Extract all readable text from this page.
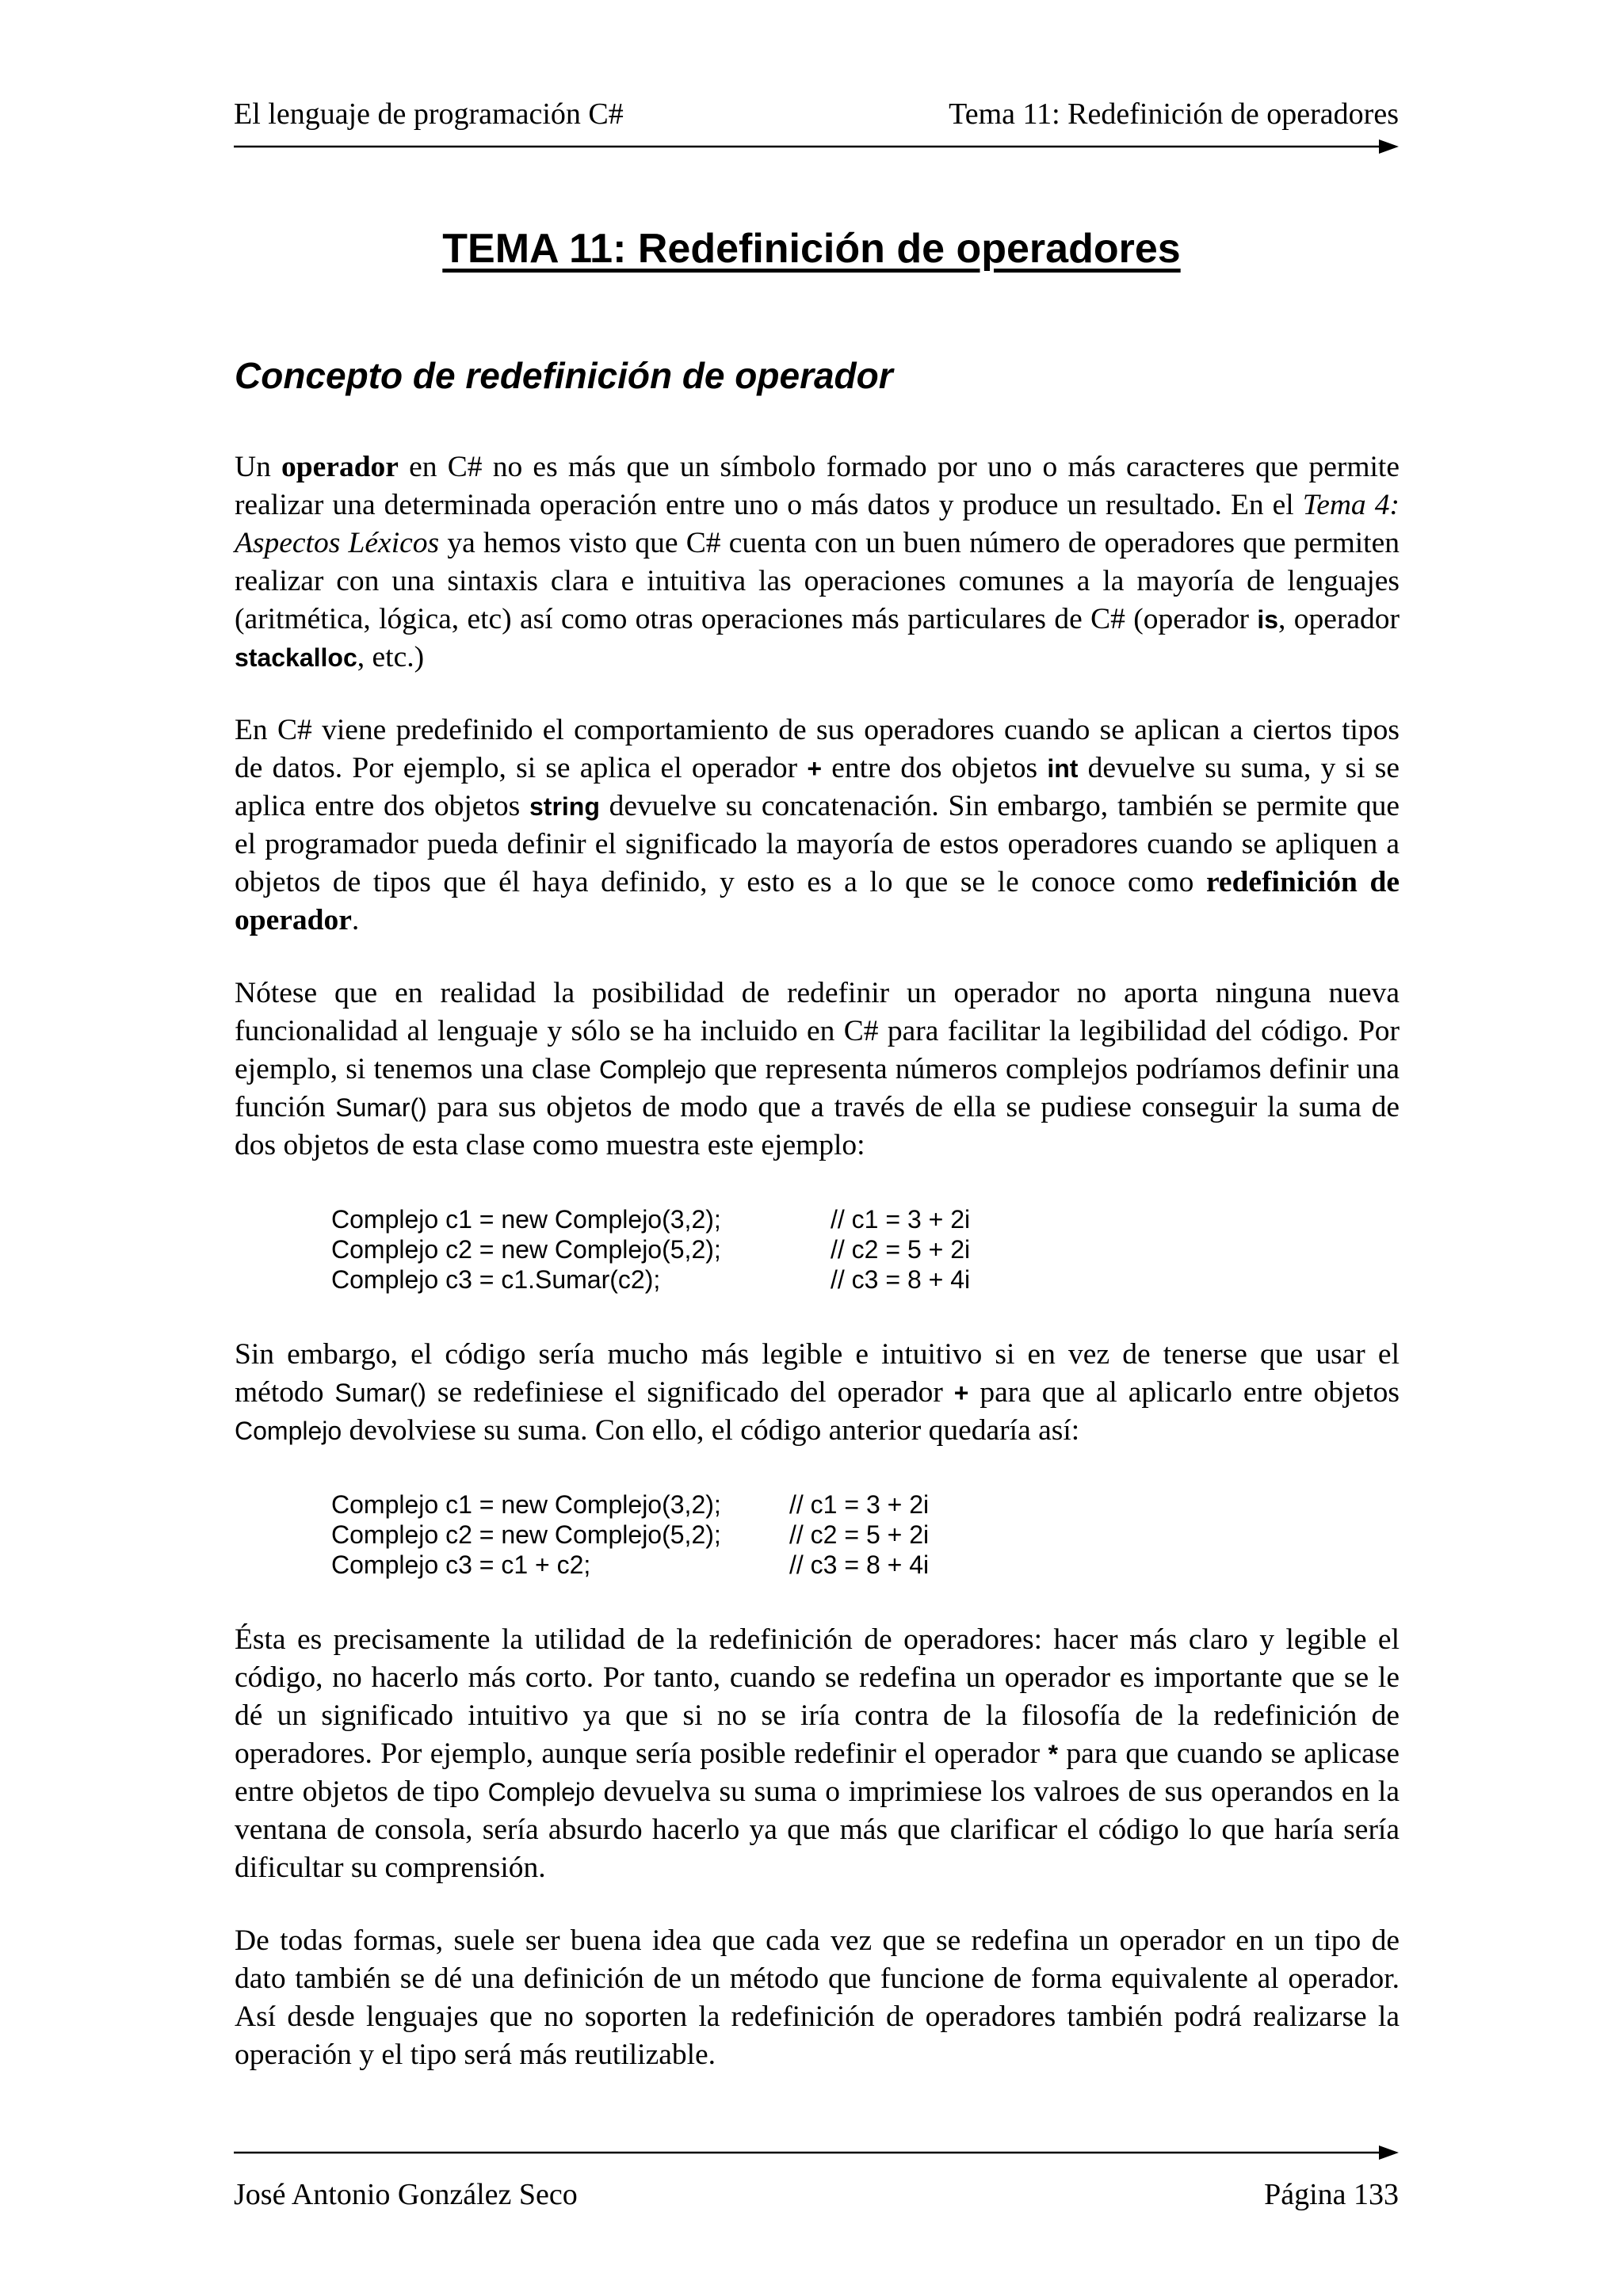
El lenguaje de programación C#	Tema 11: Redefinición de operadores
TEMA 11: Redefinición de operadores
Concepto de redefinición de operador

Un operador en C# no es más que un símbolo formado por uno o más caracteres que permite realizar una determinada operación entre uno o más datos y produce un resultado. En el Tema 4: Aspectos Léxicos ya hemos visto que C# cuenta con un buen número de operadores que permiten realizar con una sintaxis clara e intuitiva las operaciones comunes a la mayoría de lenguajes (aritmética, lógica, etc) así como otras operaciones más particulares de C# (operador is, operador stackalloc, etc.)

En C# viene predefinido el comportamiento de sus operadores cuando se aplican a ciertos tipos de datos. Por ejemplo, si se aplica el operador + entre dos objetos int devuelve su suma, y si se aplica entre dos objetos string devuelve su concatenación. Sin embargo, también se permite que el programador pueda definir el significado la mayoría de estos operadores cuando se apliquen a objetos de tipos que él haya definido, y esto es a lo que se le conoce como redefinición de operador.

Nótese que en realidad la posibilidad de redefinir un operador no aporta ninguna nueva funcionalidad al lenguaje y sólo se ha incluido en C# para facilitar la legibilidad del código. Por ejemplo, si tenemos una clase Complejo que representa números complejos podríamos definir una función Sumar() para sus objetos de modo que a través de ella se pudiese conseguir la suma de dos objetos de esta clase como muestra este ejemplo:

Complejo c1 = new Complejo(3,2);	// c1 = 3 + 2i
Complejo c2 = new Complejo(5,2);	// c2 = 5 + 2i
Complejo c3 = c1.Sumar(c2);	// c3 = 8 + 4i

Sin embargo, el código sería mucho más legible e intuitivo si en vez de tenerse que usar el método Sumar() se redefiniese el significado del operador + para que al aplicarlo entre objetos Complejo devolviese su suma. Con ello, el código anterior quedaría así:

Complejo c1 = new Complejo(3,2);	// c1 = 3 + 2i
Complejo c2 = new Complejo(5,2);	// c2 = 5 + 2i
Complejo c3 = c1 + c2;	// c3 = 8 + 4i

Ésta es precisamente la utilidad de la redefinición de operadores: hacer más claro y legible el código, no hacerlo más corto. Por tanto, cuando se redefina un operador es importante que se le dé un significado intuitivo ya que si no se iría contra de la filosofía de la redefinición de operadores. Por ejemplo, aunque sería posible redefinir el operador * para que cuando se aplicase entre objetos de tipo Complejo devuelva su suma o imprimiese los valroes de sus operandos en la ventana de consola, sería absurdo hacerlo ya que más que clarificar el código lo que haría sería dificultar su comprensión.

De todas formas, suele ser buena idea que cada vez que se redefina un operador en un tipo de dato también se dé una definición de un método que funcione de forma equivalente al operador. Así desde lenguajes que no soporten la redefinición de operadores también podrá realizarse la operación y el tipo será más reutilizable.

José Antonio González Seco	Página 133
